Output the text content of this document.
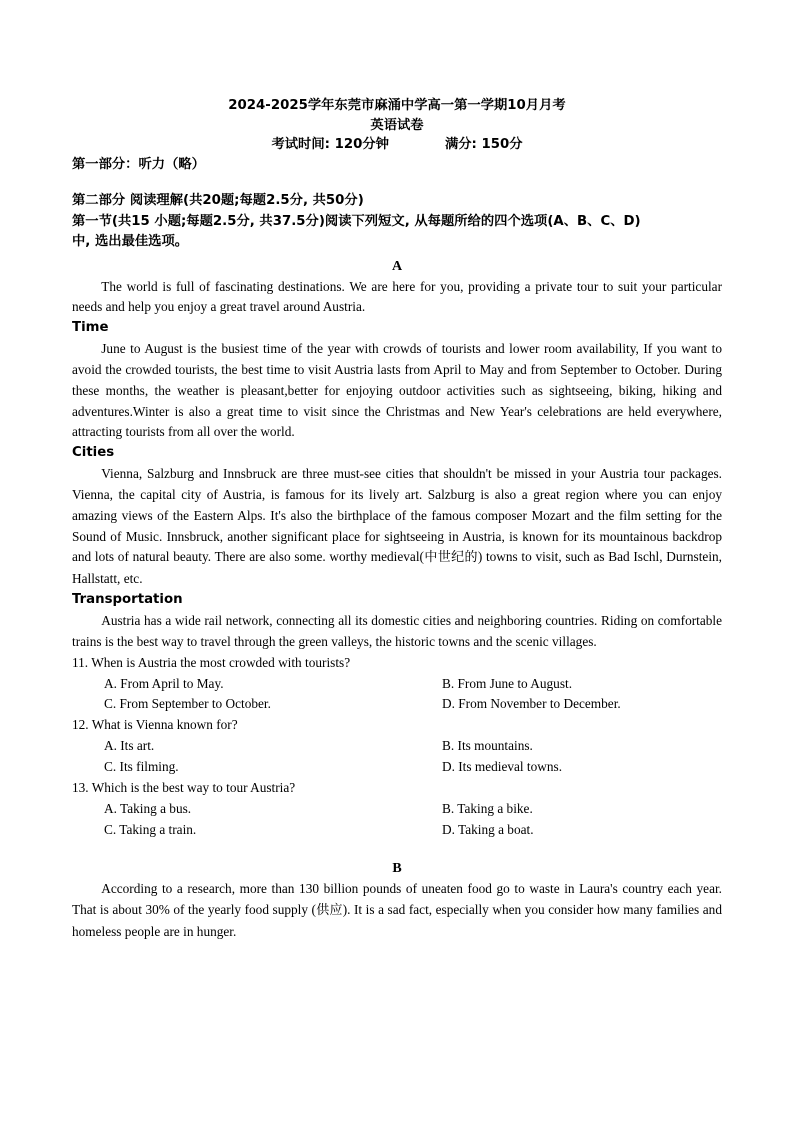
2024-2025学年东莞市麻涌中学高一第一学期10月月考
英语试卷
考试时间: 120分钟	满分: 150分
第一部分：听力（略）
第二部分 阅读理解(共20题;每题2.5分, 共50分)
第一节(共15 小题;每题2.5分, 共37.5分)阅读下列短文, 从每题所给的四个选项(A、B、C、D)
中, 选出最佳选项。
A
The world is full of fascinating destinations. We are here for you, providing a private tour to suit your particular needs and help you enjoy a great travel around Austria.
Time
June to August is the busiest time of the year with crowds of tourists and lower room availability, If you want to avoid the crowded tourists, the best time to visit Austria lasts from April to May and from September to October. During these months, the weather is pleasant,better for enjoying outdoor activities such as sightseeing, biking, hiking and adventures.Winter is also a great time to visit since the Christmas and New Year's celebrations are held everywhere, attracting tourists from all over the world.
Cities
Vienna, Salzburg and Innsbruck are three must-see cities that shouldn't be missed in your Austria tour packages. Vienna, the capital city of Austria, is famous for its lively art. Salzburg is also a great region where you can enjoy amazing views of the Eastern Alps. It's also the birthplace of the famous composer Mozart and the film setting for the Sound of Music. Innsbruck, another significant place for sightseeing in Austria, is known for its mountainous backdrop and lots of natural beauty. There are also some. worthy medieval(中世纪的) towns to visit, such as Bad Ischl, Durnstein, Hallstatt, etc.
Transportation
Austria has a wide rail network, connecting all its domestic cities and neighboring countries. Riding on comfortable trains is the best way to travel through the green valleys, the historic towns and the scenic villages.
11. When is Austria the most crowded with tourists?
A. From April to May.	B. From June to August.
C. From September to October.	D. From November to December.
12. What is Vienna known for?
A. Its art.	B. Its mountains.
C. Its filming.	D. Its medieval towns.
13. Which is the best way to tour Austria?
A. Taking a bus.	B. Taking a bike.
C. Taking a train.	D. Taking a boat.
B
According to a research, more than 130 billion pounds of uneaten food go to waste in Laura's country each year. That is about 30% of the yearly food supply (供应). It is a sad fact, especially when you consider how many families and homeless people are in hunger.
